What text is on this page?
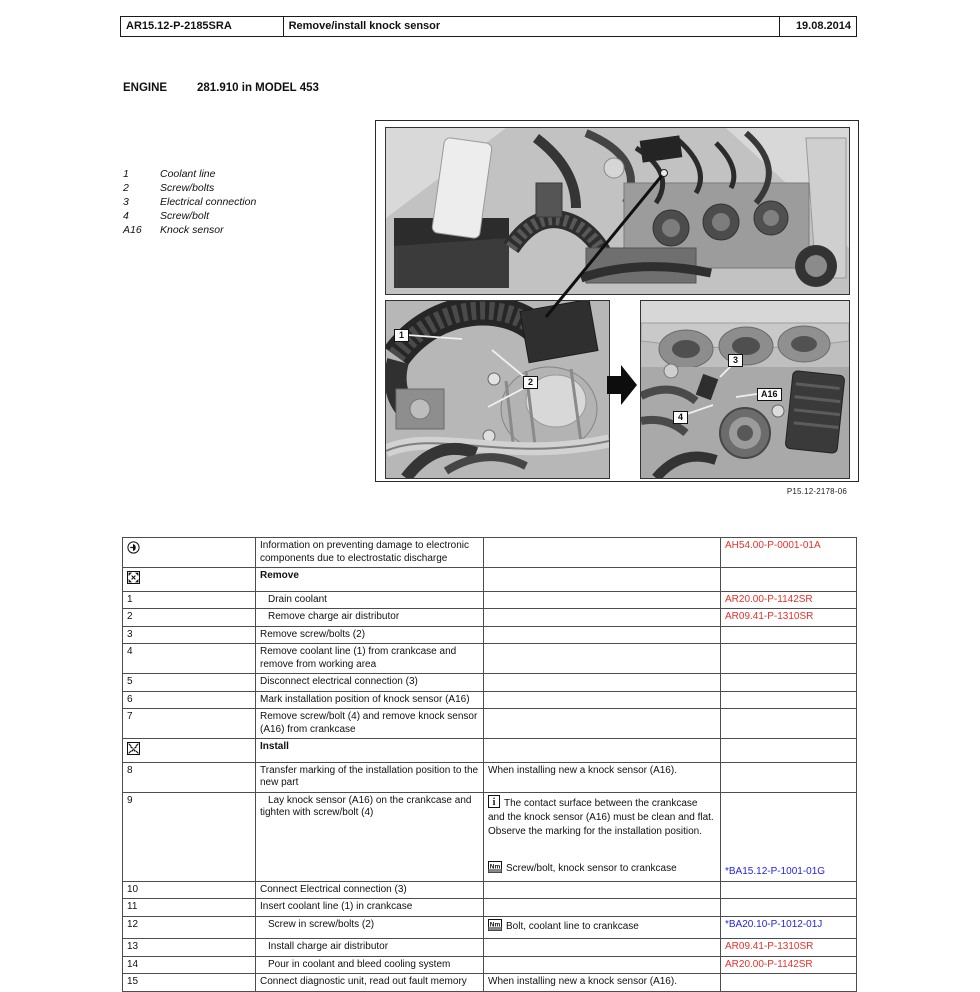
AR15.12-P-2185SRA	Remove/install knock sensor	19.08.2014
ENGINE	281.910 in MODEL 453
1	Coolant line
2	Screw/bolts
3	Electrical connection
4	Screw/bolt
A16	Knock sensor
1
2
3
A16
4
P15.12-2178-06
	Information on preventing damage to electronic components due to electrostatic discharge		AH54.00-P-0001-01A
	Remove	

1	Drain coolant		AR20.00-P-1142SR
2	Remove charge air distributor		AR09.41-P-1310SR
3	Remove screw/bolts (2)	

4	Remove coolant line (1) from crankcase and remove from working area	

5	Disconnect electrical connection (3)	

6	Mark installation position of knock sensor (A16)	

7	Remove screw/bolt (4) and remove knock sensor (A16) from crankcase	

	Install	

8	Transfer marking of the installation position to the new part	When installing new a knock sensor (A16).	

9	Lay knock sensor (A16) on the crankcase and tighten with screw/bolt (4)	i The contact surface between the crankcase and the knock sensor (A16) must be clean and flat.
Observe the marking for the installation position.
Nm Screw/bolt, knock sensor to crankcase	*BA15.12-P-1001-01G
10	Connect Electrical connection (3)	

11	Insert coolant line (1) in crankcase	

12	Screw in screw/bolts (2)	Nm Bolt, coolant line to crankcase	*BA20.10-P-1012-01J
13	Install charge air distributor		AR09.41-P-1310SR
14	Pour in coolant and bleed cooling system		AR20.00-P-1142SR
15	Connect diagnostic unit, read out fault memory	When installing new a knock sensor (A16).	
